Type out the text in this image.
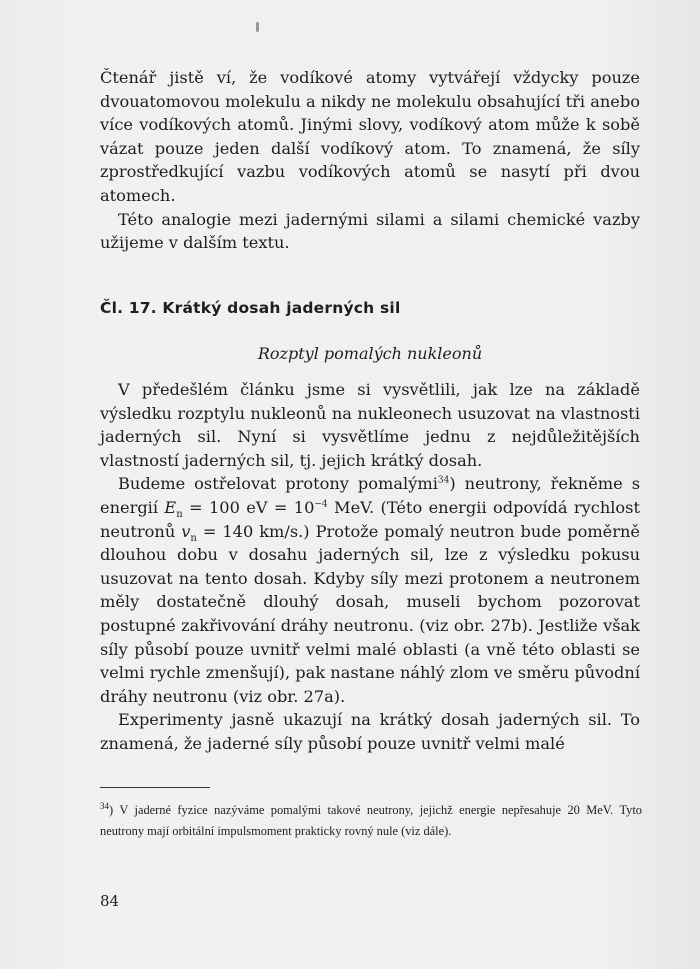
Čtenář jistě ví, že vodíkové atomy vytvářejí vždycky pouze dvouatomovou molekulu a nikdy ne molekulu obsahující tři anebo více vodíkových atomů. Jinými slovy, vodíkový atom může k sobě vázat pouze jeden další vodíkový atom. To znamená, že síly zprostředkující vazbu vodíkových atomů se nasytí při dvou atomech.

Této analogie mezi jadernými silami a silami chemické vazby užijeme v dalším textu.

Čl. 17. Krátký dosah jaderných sil
Rozptyl pomalých nukleonů

V předešlém článku jsme si vysvětlili, jak lze na základě výsledku rozptylu nukleonů na nukleonech usuzovat na vlastnosti jaderných sil. Nyní si vysvětlíme jednu z nejdůležitějších vlastností jaderných sil, tj. jejich krátký dosah.

Budeme ostřelovat protony pomalými$^{34}$) neutrony, řekněme s energií $E_n = 100$ eV = $10^{-4}$ MeV. (Této energii odpovídá rychlost neutronů $v_n = 140$ km/s.) Protože pomalý neutron bude poměrně dlouhou dobu v dosahu jaderných sil, lze z výsledku pokusu usuzovat na tento dosah. Kdyby síly mezi protonem a neutronem měly dostatečně dlouhý dosah, museli bychom pozorovat postupné zakřivování dráhy neutronu. (viz obr. 27b). Jestliže však síly působí pouze uvnitř velmi malé oblasti (a vně této oblasti se velmi rychle zmenšují), pak nastane náhlý zlom ve směru původní dráhy neutronu (viz obr. 27a).

Experimenty jasně ukazují na krátký dosah jaderných sil. To znamená, že jaderné síly působí pouze uvnitř velmi malé

$^{34}$) V jaderné fyzice nazýváme pomalými takové neutrony, jejichž energie nepřesahuje 20 MeV. Tyto neutrony mají orbitální impulsmoment prakticky rovný nule (viz dále).
84
